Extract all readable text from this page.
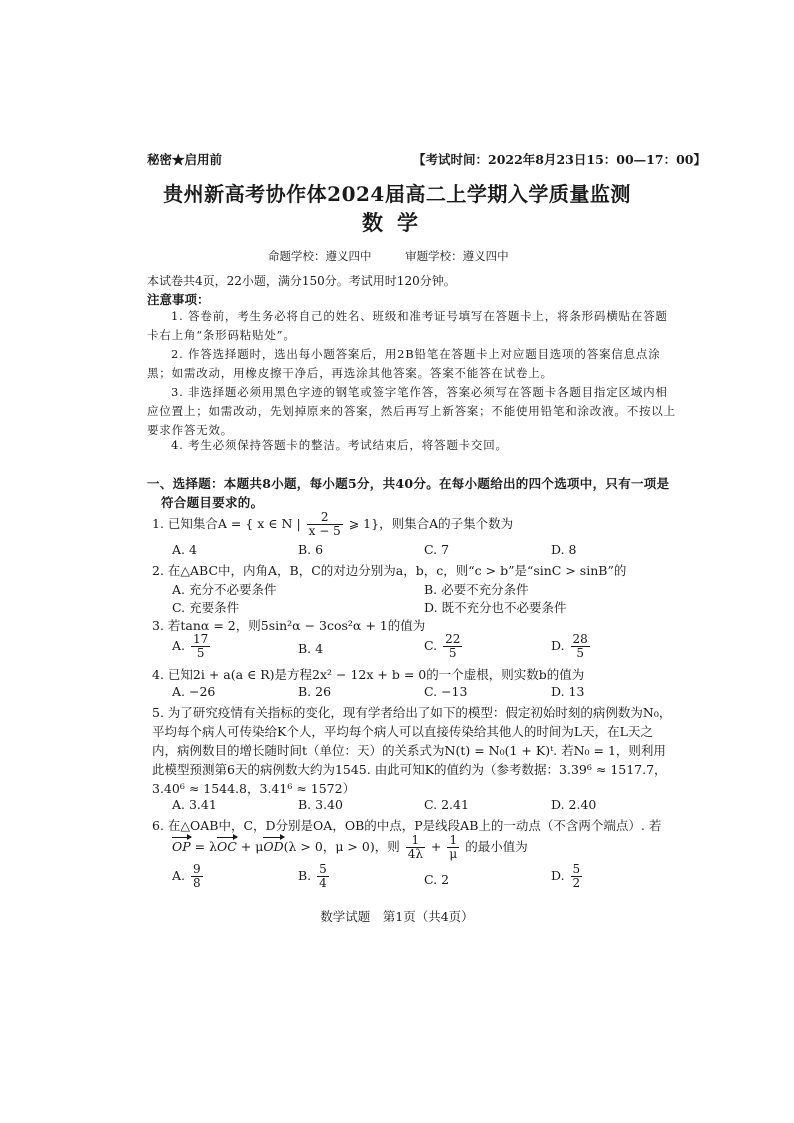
秘密★启用前	【考试时间：2022年8月23日15：00—17：00】
贵州新高考协作体2024届高二上学期入学质量监测
数学
命题学校：遵义四中	审题学校：遵义四中
本试卷共4页，22小题，满分150分。考试用时120分钟。
注意事项：
1. 答卷前，考生务必将自己的姓名、班级和准考证号填写在答题卡上，将条形码横贴在答题卡右上角“条形码粘贴处”。
2. 作答选择题时，选出每小题答案后，用2B铅笔在答题卡上对应题目选项的答案信息点涂黑；如需改动，用橡皮擦干净后，再选涂其他答案。答案不能答在试卷上。
3. 非选择题必须用黑色字迹的钢笔或签字笔作答，答案必须写在答题卡各题目指定区域内相应位置上；如需改动，先划掉原来的答案，然后再写上新答案；不能使用铅笔和涂改液。不按以上要求作答无效。
4. 考生必须保持答题卡的整洁。考试结束后，将答题卡交回。
一、选择题：本题共8小题，每小题5分，共40分。在每小题给出的四个选项中，只有一项是
符合题目要求的。
1. 已知集合A = { x ∈ N | $\frac{2}{x - 5}$ ⩾ 1}，则集合A的子集个数为
A. 4	B. 6	C. 7	D. 8
2. 在△ABC中，内角A，B，C的对边分别为a，b，c，则“c > b”是“sinC > sinB”的
A. 充分不必要条件	B. 必要不充分条件
C. 充要条件	D. 既不充分也不必要条件
3. 若tanα = 2，则5sin²α − 3cos²α + 1的值为
A. $\frac{17}{5}$	B. 4	C. $\frac{22}{5}$	D. $\frac{28}{5}$
4. 已知2i + a(a ∈ R)是方程2x² − 12x + b = 0的一个虚根，则实数b的值为
A. −26	B. 26	C. −13	D. 13
5. 为了研究疫情有关指标的变化，现有学者给出了如下的模型：假定初始时刻的病例数为N₀，平均每个病人可传染给K个人，平均每个病人可以直接传染给其他人的时间为L天，在L天之内，病例数目的增长随时间t（单位：天）的关系式为N(t) = N₀(1 + K)ᵗ. 若N₀ = 1，则利用此模型预测第6天的病例数大约为1545. 由此可知K的值约为（参考数据：3.39⁶ ≈ 1517.7，3.40⁶ ≈ 1544.8，3.41⁶ ≈ 1572）
A. 3.41	B. 3.40	C. 2.41	D. 2.40
6. 在△OAB中，C，D分别是OA，OB的中点，P是线段AB上的一动点（不含两个端点）. 若
OP = λOC + μOD(λ > 0，μ > 0)，则 $\frac{1}{4\lambda} + \frac{1}{\mu}$ 的最小值为
A. $\frac{9}{8}$	B. $\frac{5}{4}$	C. 2	D. $\frac{5}{2}$
数学试题　第1页（共4页）
